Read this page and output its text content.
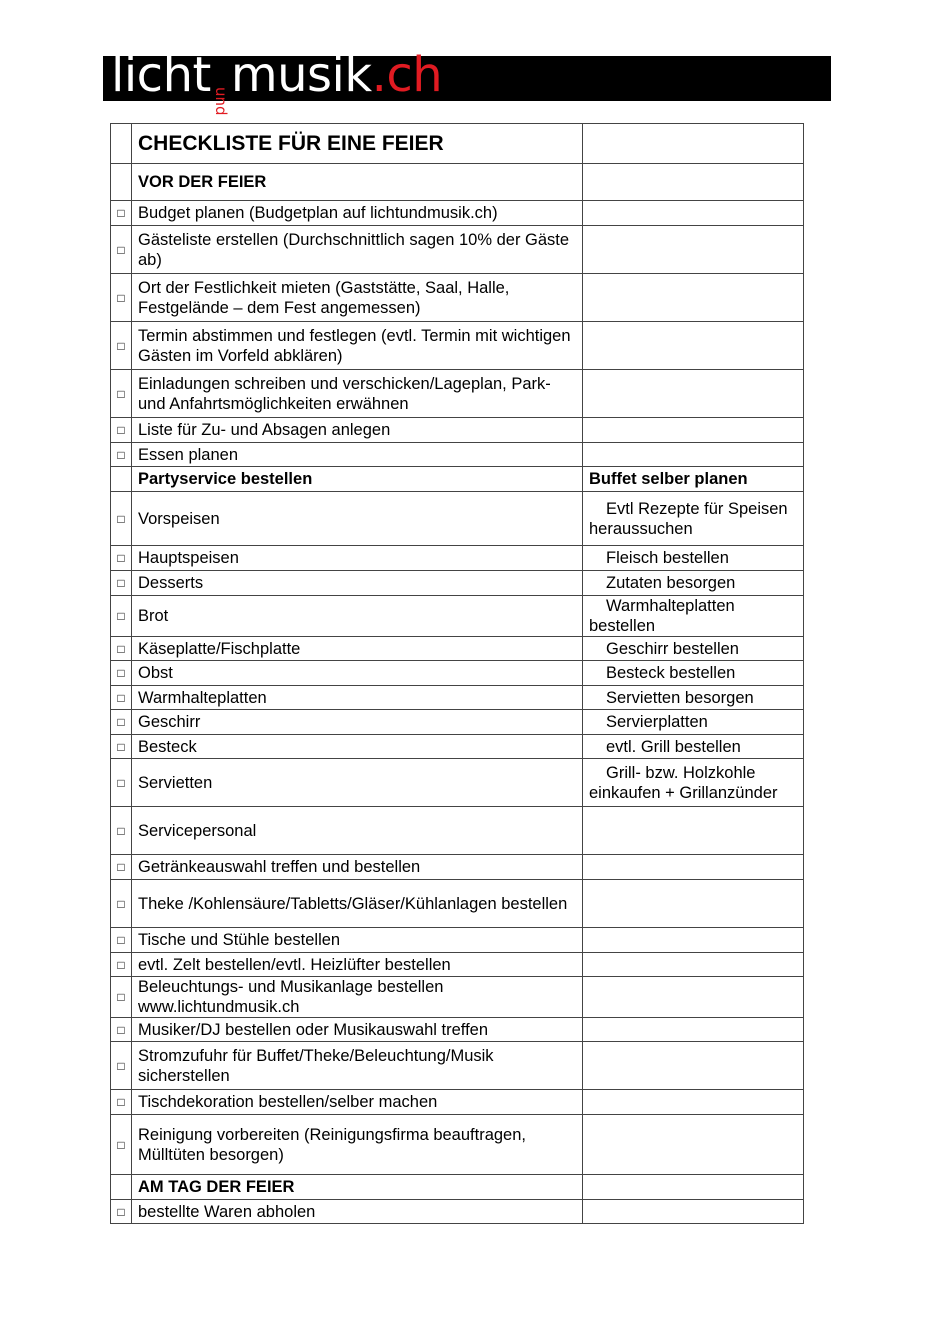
lichtundmusik.ch
	CHECKLISTE FÜR EINE FEIER	
	VOR DER FEIER	
□	Budget planen (Budgetplan auf lichtundmusik.ch)	
□	Gästeliste erstellen (Durchschnittlich sagen 10% der Gäste ab)	
□	Ort der Festlichkeit mieten (Gaststätte, Saal, Halle, Festgelände – dem Fest angemessen)	
□	Termin abstimmen und festlegen (evtl. Termin mit wichtigen Gästen im Vorfeld abklären)	
□	Einladungen schreiben und verschicken/Lageplan, Park- und Anfahrtsmöglichkeiten erwähnen	
□	Liste für Zu- und Absagen anlegen	
□	Essen planen	
	Partyservice bestellen	Buffet selber planen
□	Vorspeisen	Evtl Rezepte für Speisen heraussuchen

□	Hauptspeisen	Fleisch bestellen

□	Desserts	Zutaten besorgen

□	Brot	Warmhalteplatten bestellen

□	Käseplatte/Fischplatte	Geschirr bestellen

□	Obst	Besteck bestellen

□	Warmhalteplatten	Servietten besorgen

□	Geschirr	Servierplatten

□	Besteck	evtl. Grill bestellen

□	Servietten	Grill- bzw. Holzkohle einkaufen + Grillanzünder

□	Servicepersonal	
□	Getränkeauswahl treffen und bestellen	
□	Theke /Kohlensäure/Tabletts/Gläser/Kühlanlagen bestellen	
□	Tische und Stühle bestellen	
□	evtl. Zelt bestellen/evtl. Heizlüfter bestellen	
□	Beleuchtungs- und Musikanlage bestellen www.lichtundmusik.ch	
□	Musiker/DJ bestellen oder Musikauswahl treffen	
□	Stromzufuhr für Buffet/Theke/Beleuchtung/Musik sicherstellen	
□	Tischdekoration bestellen/selber machen	
□	Reinigung vorbereiten (Reinigungsfirma beauftragen, Mülltüten besorgen)	
	AM TAG DER FEIER	
□	bestellte Waren abholen	
